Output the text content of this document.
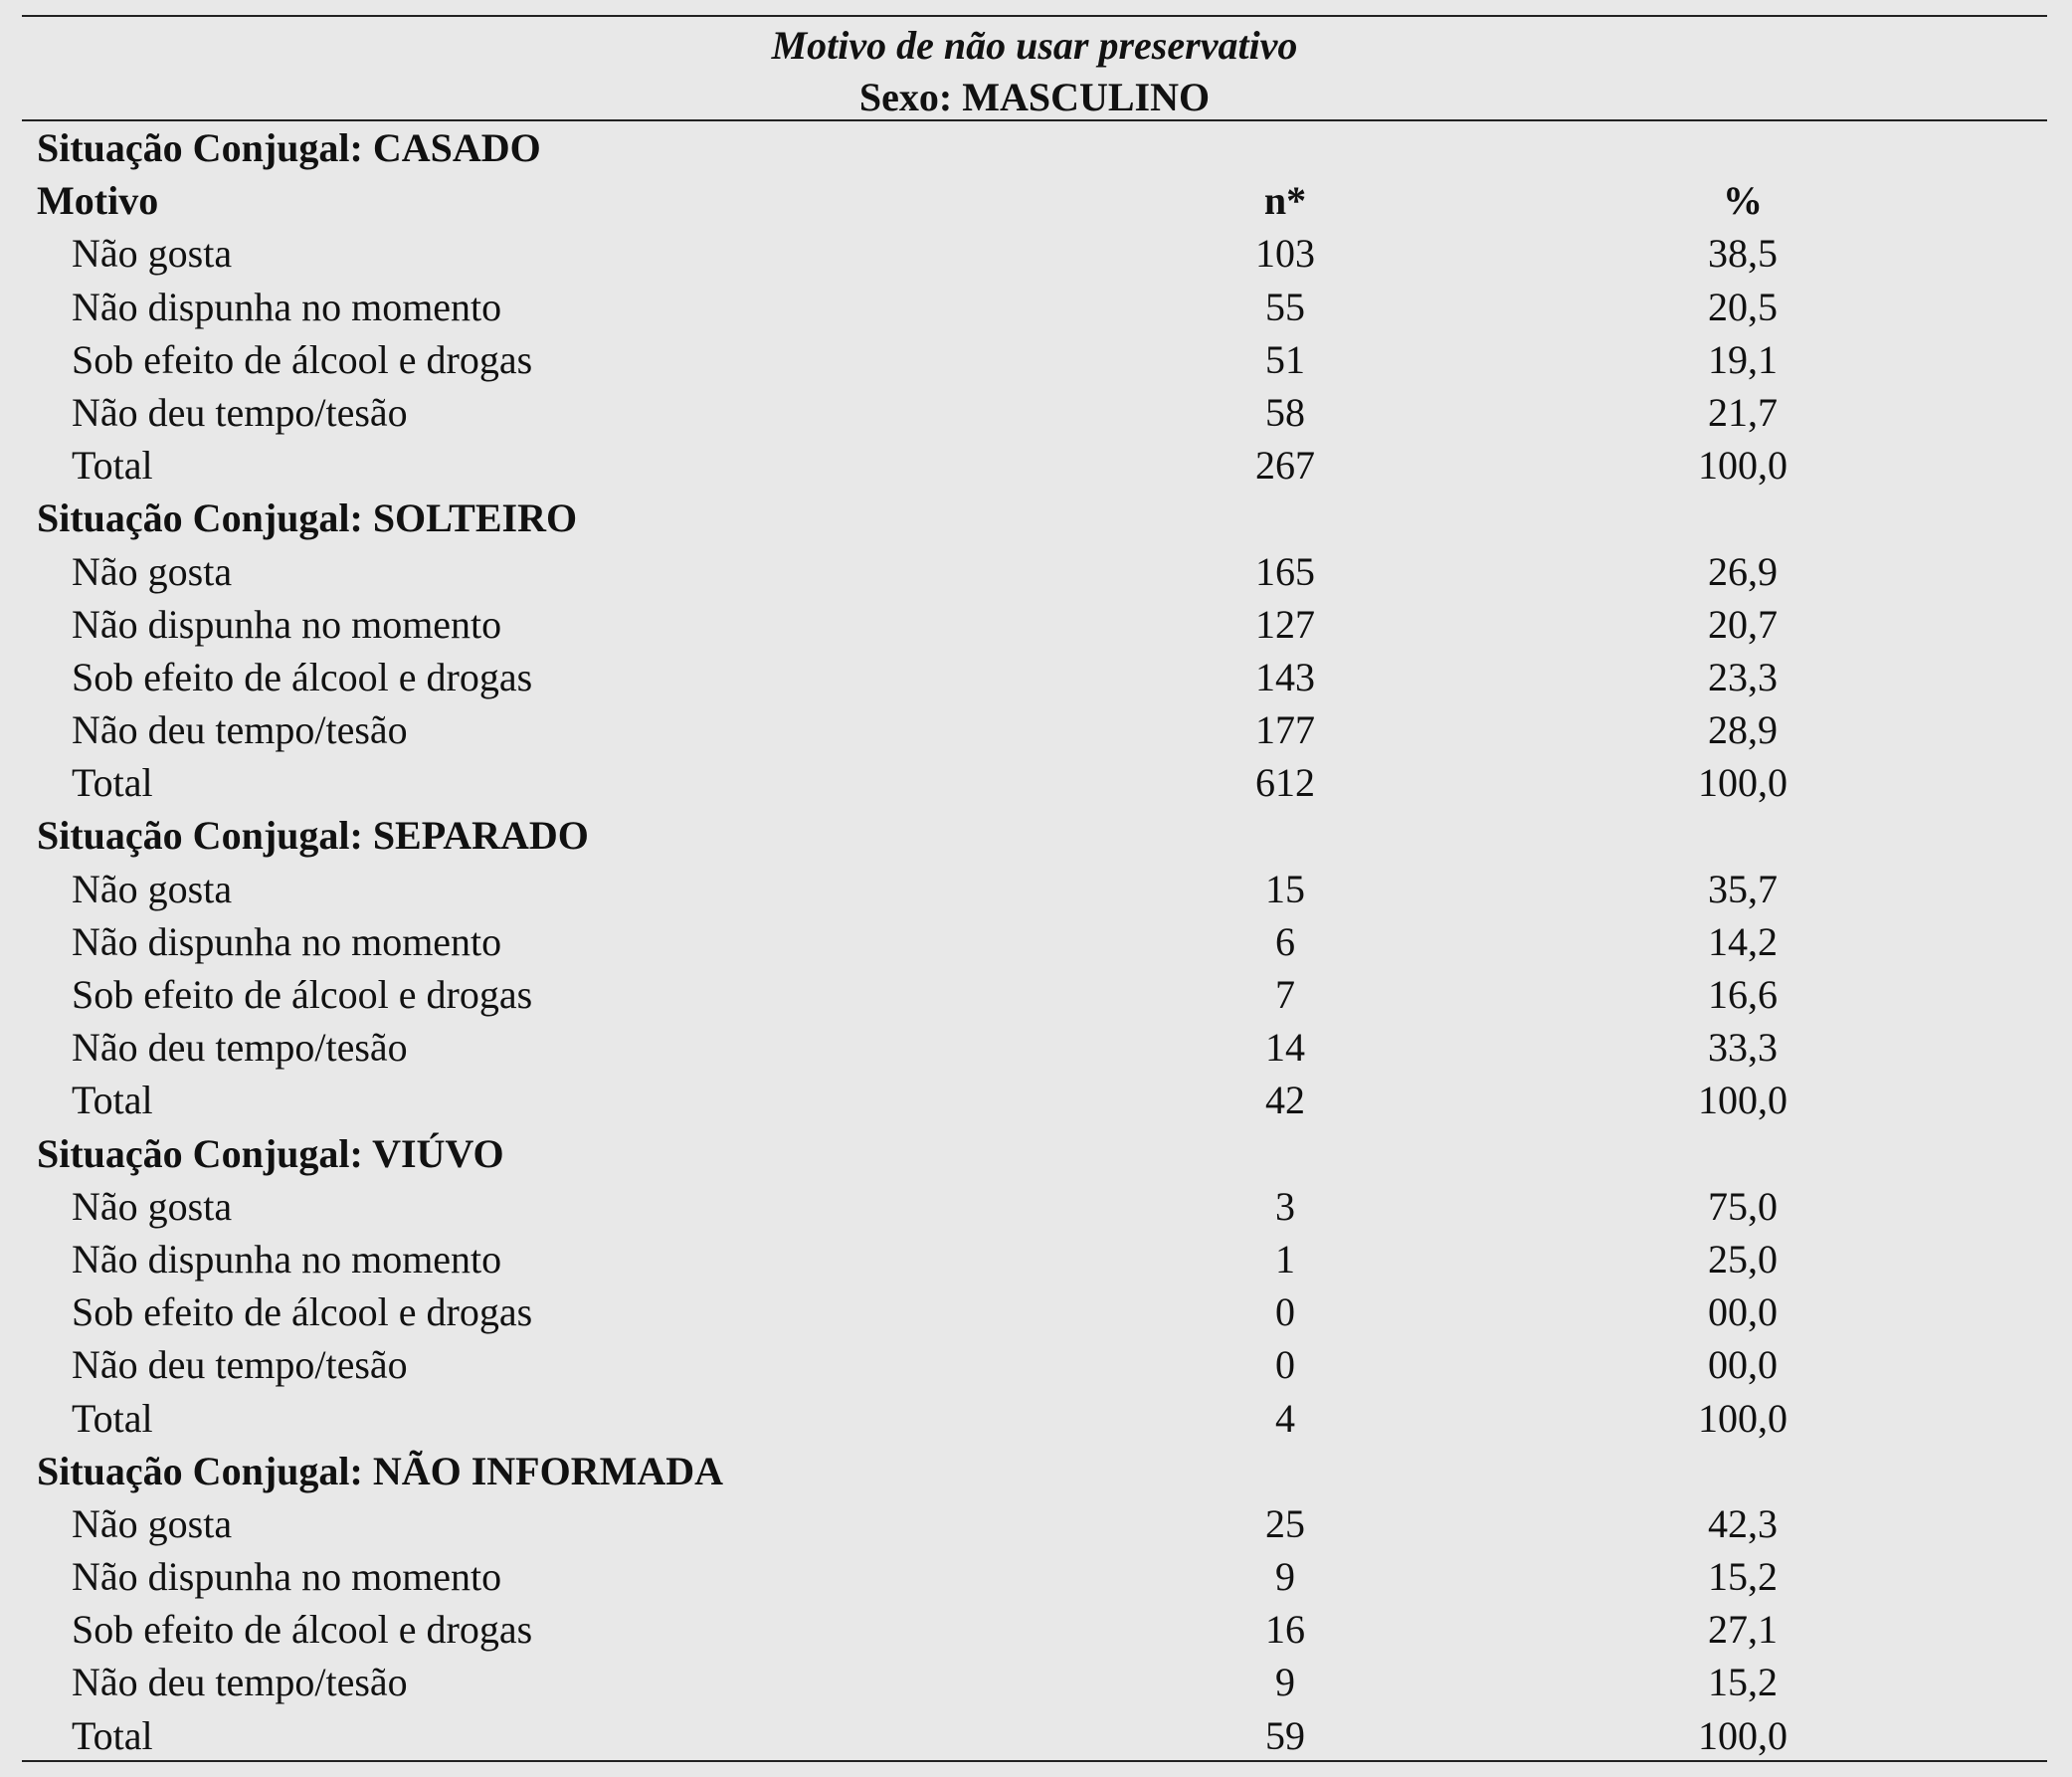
Motivo de não usar preservativo
Sexo: MASCULINO
Situação Conjugal: CASADO
Motivo	n*	%
Não gosta	103	38,5
Não dispunha no momento	55	20,5
Sob efeito de álcool e drogas	51	19,1
Não deu tempo/tesão	58	21,7
Total	267	100,0
Situação Conjugal: SOLTEIRO
Não gosta	165	26,9
Não dispunha no momento	127	20,7
Sob efeito de álcool e drogas	143	23,3
Não deu tempo/tesão	177	28,9
Total	612	100,0
Situação Conjugal: SEPARADO
Não gosta	15	35,7
Não dispunha no momento	6	14,2
Sob efeito de álcool e drogas	7	16,6
Não deu tempo/tesão	14	33,3
Total	42	100,0
Situação Conjugal: VIÚVO
Não gosta	3	75,0
Não dispunha no momento	1	25,0
Sob efeito de álcool e drogas	0	00,0
Não deu tempo/tesão	0	00,0
Total	4	100,0
Situação Conjugal: NÃO INFORMADA
Não gosta	25	42,3
Não dispunha no momento	9	15,2
Sob efeito de álcool e drogas	16	27,1
Não deu tempo/tesão	9	15,2
Total	59	100,0
